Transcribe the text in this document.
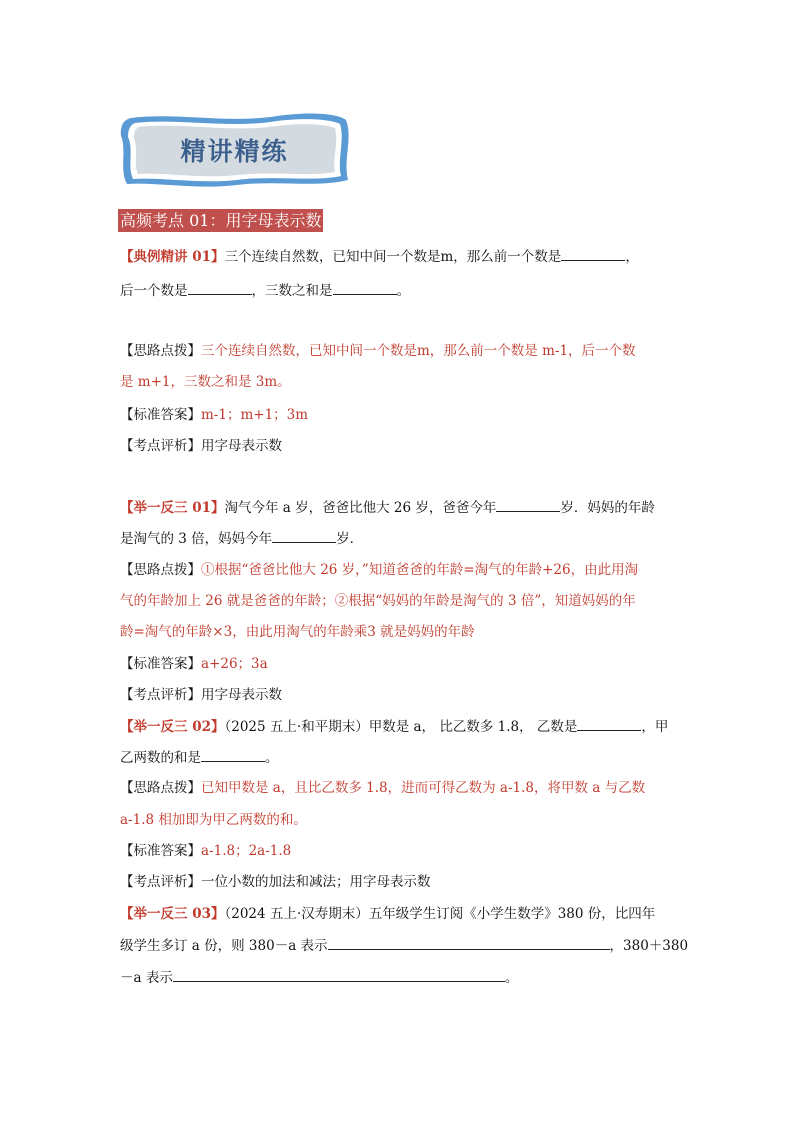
精讲精练
高频考点 01：用字母表示数
【典例精讲 01】三个连续自然数，已知中间一个数是m，那么前一个数是	，
后一个数是	，三数之和是	。
【思路点拨】三个连续自然数，已知中间一个数是m，那么前一个数是 m-1，后一个数
是 m+1，三数之和是 3m。
【标准答案】m-1；m+1；3m
【考点评析】用字母表示数
【举一反三 01】淘气今年 a 岁，爸爸比他大 26 岁，爸爸今年	岁．妈妈的年龄
是淘气的 3 倍，妈妈今年	岁．
【思路点拨】①根据“爸爸比他大 26 岁，”知道爸爸的年龄=淘气的年龄+26，由此用淘
气的年龄加上 26 就是爸爸的年龄；②根据“妈妈的年龄是淘气的 3 倍”，知道妈妈的年
龄=淘气的年龄×3，由此用淘气的年龄乘3 就是妈妈的年龄
【标准答案】a+26；3a
【考点评析】用字母表示数
【举一反三 02】（2025 五上·和平期末）甲数是 a， 比乙数多 1.8， 乙数是	，甲
乙两数的和是	。
【思路点拨】已知甲数是 a，且比乙数多 1.8，进而可得乙数为 a-1.8，将甲数 a 与乙数
a-1.8 相加即为甲乙两数的和。
【标准答案】a-1.8；2a-1.8
【考点评析】一位小数的加法和减法；用字母表示数
【举一反三 03】（2024 五上·汉寿期末）五年级学生订阅《小学生数学》380 份，比四年
级学生多订 a 份，则 380－a 表示	，380＋380
－a 表示	。
